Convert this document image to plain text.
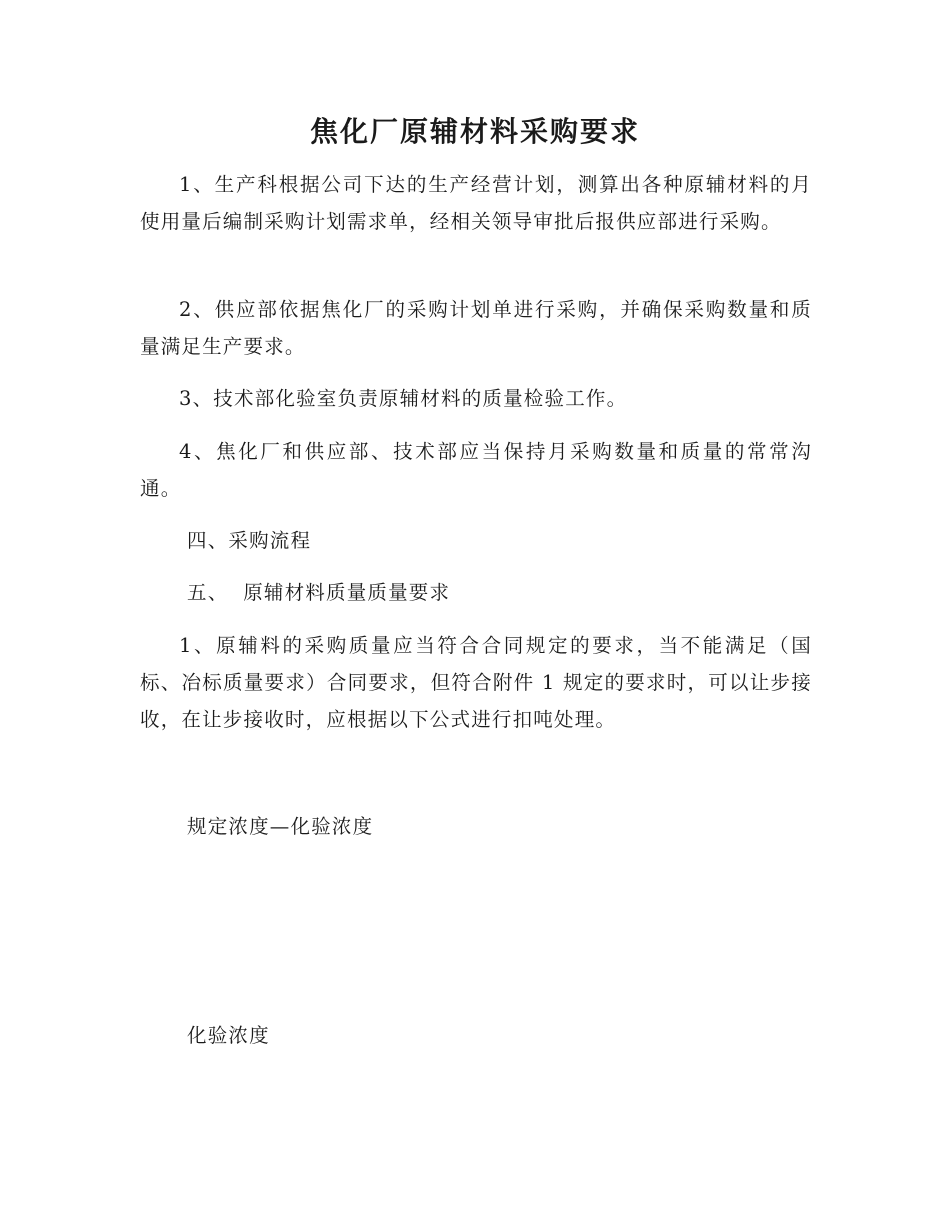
焦化厂原辅材料采购要求

1、生产科根据公司下达的生产经营计划，测算出各种原辅材料的月使用量后编制采购计划需求单，经相关领导审批后报供应部进行采购。

2、供应部依据焦化厂的采购计划单进行采购，并确保采购数量和质量满足生产要求。

3、技术部化验室负责原辅材料的质量检验工作。

4、焦化厂和供应部、技术部应当保持月采购数量和质量的常常沟通。

四、采购流程
五、  原辅材料质量质量要求

1、原辅料的采购质量应当符合合同规定的要求，当不能满足（国标、冶标质量要求）合同要求，但符合附件 1 规定的要求时，可以让步接收，在让步接收时，应根据以下公式进行扣吨处理。

规定浓度—化验浓度
化验浓度
